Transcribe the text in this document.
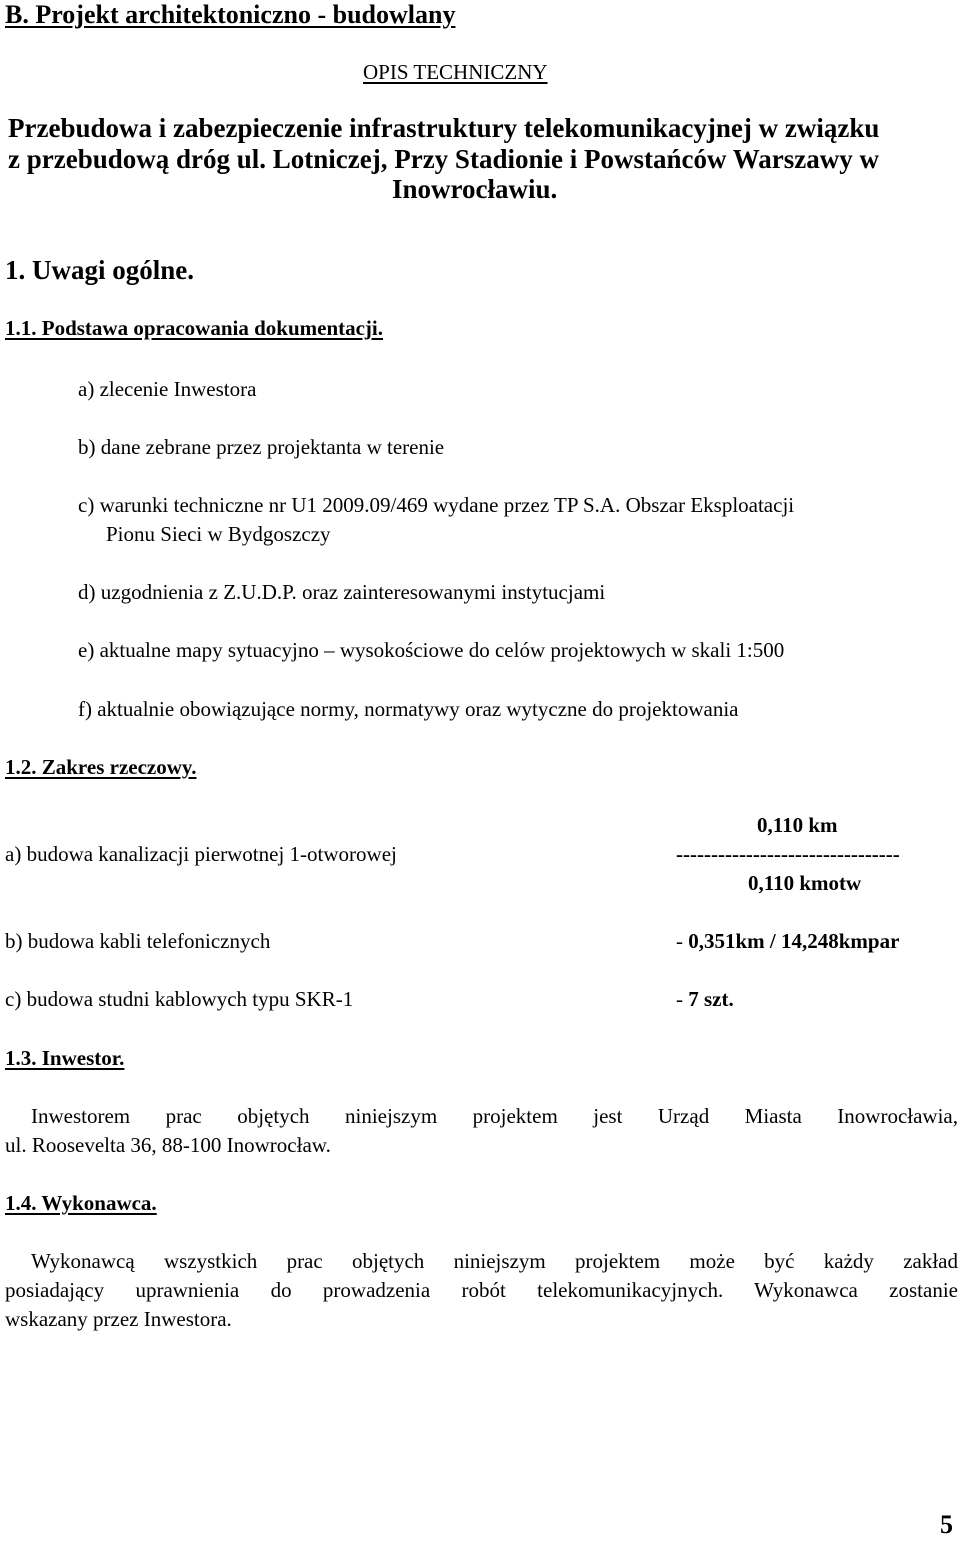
B. Projekt architektoniczno - budowlany
OPIS TECHNICZNY
Przebudowa i zabezpieczenie infrastruktury telekomunikacyjnej w związku
z przebudową dróg ul. Lotniczej, Przy Stadionie i Powstańców Warszawy w
Inowrocławiu.
1. Uwagi ogólne.
1.1. Podstawa opracowania dokumentacji.
a) zlecenie Inwestora
b) dane zebrane przez projektanta w terenie
c) warunki techniczne nr U1 2009.09/469 wydane przez TP S.A. Obszar Eksploatacji
Pionu Sieci w Bydgoszczy
d) uzgodnienia z Z.U.D.P. oraz zainteresowanymi instytucjami
e) aktualne mapy sytuacyjno – wysokościowe do celów projektowych w skali 1:500
f) aktualnie obowiązujące normy, normatywy oraz wytyczne do projektowania
1.2. Zakres rzeczowy.
0,110 km
a) budowa kanalizacji pierwotnej 1-otworowej	--------------------------------
0,110 kmotw
b) budowa kabli telefonicznych	- 0,351km / 14,248kmpar
c) budowa studni kablowych typu SKR-1	- 7 szt.
1.3. Inwestor.
Inwestorem prac objętych niniejszym projektem jest Urząd Miasta Inowrocławia,
ul. Roosevelta 36, 88-100 Inowrocław.
1.4. Wykonawca.
Wykonawcą wszystkich prac objętych niniejszym projektem może być każdy zakład
posiadający uprawnienia do prowadzenia robót telekomunikacyjnych. Wykonawca zostanie
wskazany przez Inwestora.
5
